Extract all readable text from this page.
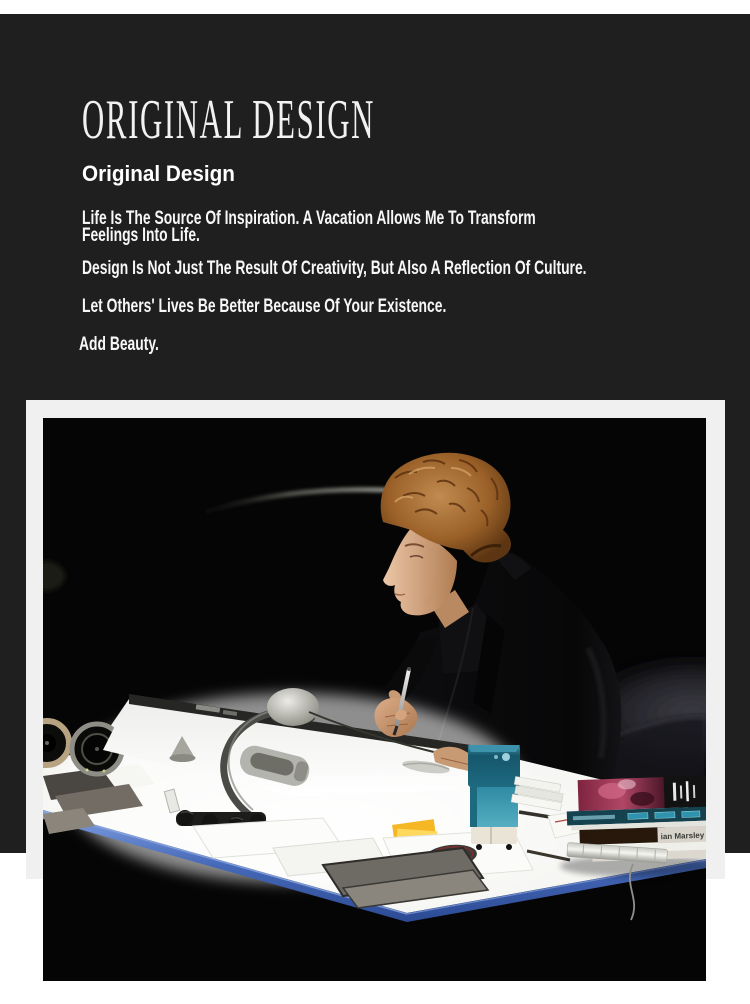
ORIGINAL DESIGN
Original Design

Life Is The Source Of Inspiration. A Vacation Allows Me To Transform
Feelings Into Life.

Design Is Not Just The Result Of Creativity, But Also A Reflection Of Culture.

Let Others' Lives Be Better Because Of Your Existence.

Add Beauty.

ian Marsley
